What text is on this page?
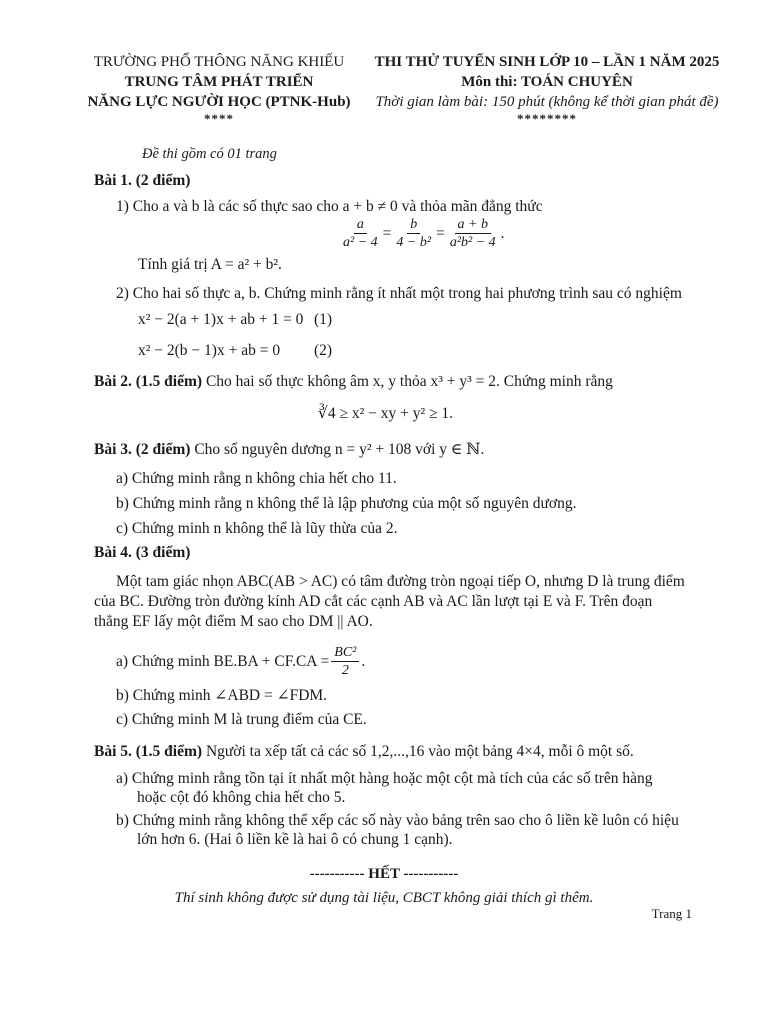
TRƯỜNG PHỔ THÔNG NĂNG KHIẾU
TRUNG TÂM PHÁT TRIỂN
NĂNG LỰC NGƯỜI HỌC (PTNK-Hub)
****
THI THỬ TUYỂN SINH LỚP 10 – LẦN 1 NĂM 2025
Môn thi: TOÁN CHUYÊN
Thời gian làm bài: 150 phút (không kể thời gian phát đề)
********
Đề thi gồm có 01 trang
Bài 1. (2 điểm)
1) Cho a và b là các số thực sao cho a + b ≠ 0 và thỏa mãn đẳng thức
$\frac{a}{\text{a² − 4}} = \frac{b}{\text{4 − b²}} = \frac{a + b}{\text{a²b² − 4}}$ .
Tính giá trị A = a² + b².
2) Cho hai số thực a, b. Chứng minh rằng ít nhất một trong hai phương trình sau có nghiệm
x² − 2(a + 1)x + ab + 1 = 0 (1)
x² − 2(b − 1)x + ab = 0 (2)
Bài 2. (1.5 điểm) Cho hai số thực không âm x, y thỏa x³ + y³ = 2. Chứng minh rằng
∛4 ≥ x² − xy + y² ≥ 1.
Bài 3. (2 điểm) Cho số nguyên dương n = y² + 108 với y ∈ ℕ.
a) Chứng minh rằng n không chia hết cho 11.
b) Chứng minh rằng n không thể là lập phương của một số nguyên dương.
c) Chứng minh n không thể là lũy thừa của 2.
Bài 4. (3 điểm)
Một tam giác nhọn ABC(AB > AC) có tâm đường tròn ngoại tiếp O, nhưng D là trung điểm
của BC. Đường tròn đường kính AD cắt các cạnh AB và AC lần lượt tại E và F. Trên đoạn
thẳng EF lấy một điểm M sao cho DM || AO.
a) Chứng minh $BE.BA + CF.CA = \frac{\text{BC²}}{2}$ .
b) Chứng minh ∠ABD = ∠FDM.
c) Chứng minh M là trung điểm của CE.
Bài 5. (1.5 điểm) Người ta xếp tất cả các số 1,2,...,16 vào một bảng 4×4, mỗi ô một số.
a) Chứng minh rằng tồn tại ít nhất một hàng hoặc một cột mà tích của các số trên hàng
hoặc cột đó không chia hết cho 5.
b) Chứng minh rằng không thể xếp các số này vào bảng trên sao cho ô liền kề luôn có hiệu
lớn hơn 6. (Hai ô liền kề là hai ô có chung 1 cạnh).
----------- HẾT -----------
Thí sinh không được sử dụng tài liệu, CBCT không giải thích gì thêm.
Trang 1
